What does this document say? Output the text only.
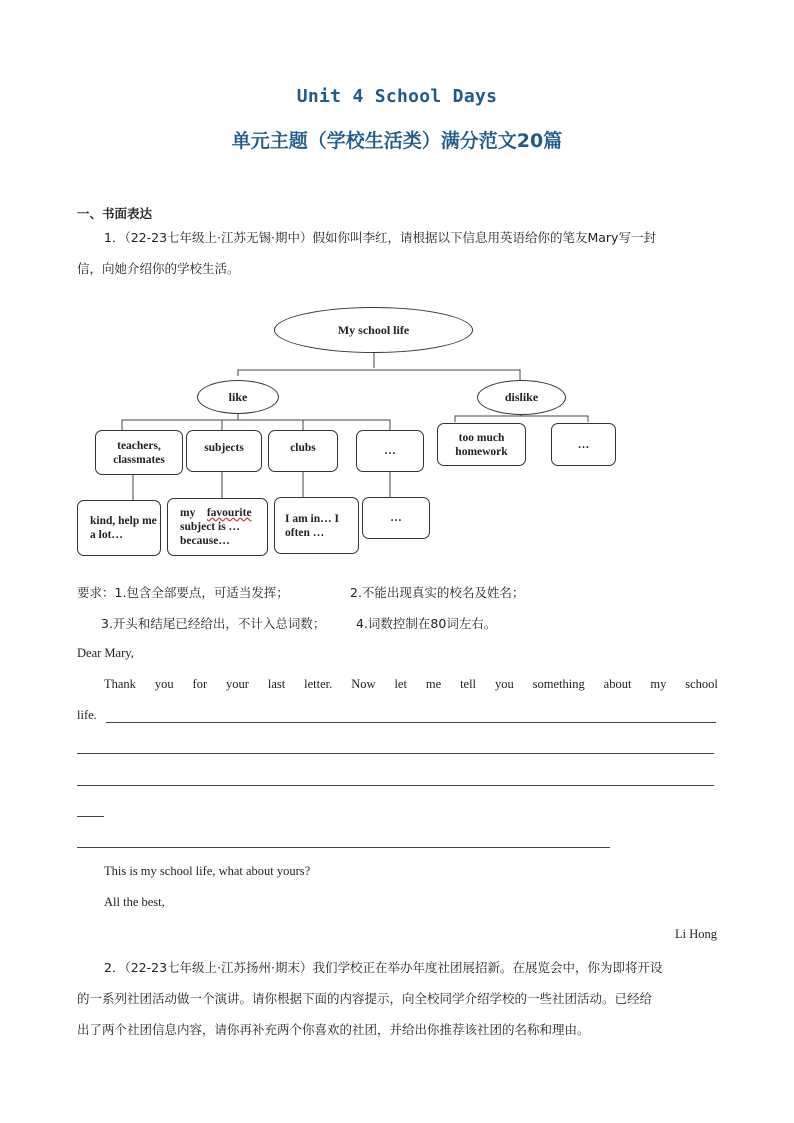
Unit 4 School Days
单元主题（学校生活类）满分范文20篇
一、书面表达
1．（22-23七年级上·江苏无锡·期中）假如你叫李红，请根据以下信息用英语给你的笔友Mary写一封
信，向她介绍你的学校生活。
My school life
like	dislike
teachers, classmates
subjects	clubs	…
too much homework
…
kind, help me a lot…
my favourite
subject is …
because…
I am in… I often …
…
要求：1.包含全部要点，可适当发挥；	2.不能出现真实的校名及姓名；
3.开头和结尾已经给出，不计入总词数； 4.词数控制在80词左右。
Dear Mary,
Thank you for your last letter. Now let me tell you something about my school
life.
This is my school life, what about yours?
All the best,
Li Hong
2．（22-23七年级上·江苏扬州·期末）我们学校正在举办年度社团展招新。在展览会中，你为即将开设
的一系列社团活动做一个演讲。请你根据下面的内容提示，向全校同学介绍学校的一些社团活动。已经给
出了两个社团信息内容，请你再补充两个你喜欢的社团，并给出你推荐该社团的名称和理由。
